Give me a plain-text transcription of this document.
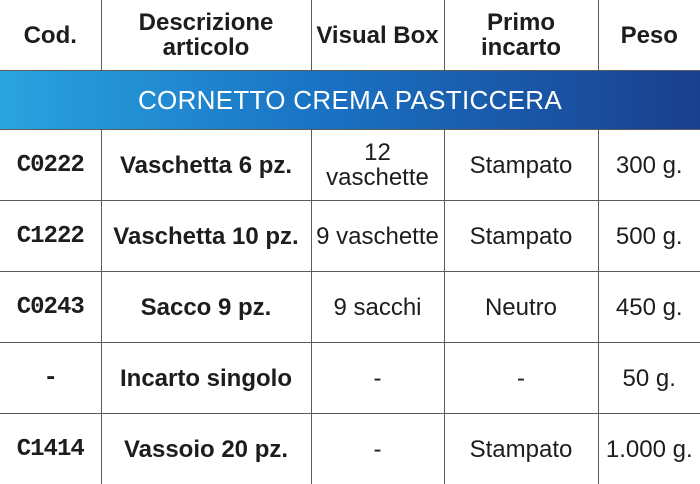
Cod.	Descrizione articolo	Visual Box	Primo incarto	Peso
CORNETTO CREMA PASTICCERA				
C0222	Vaschetta 6 pz.	12 vaschette	Stampato	300 g.
C1222	Vaschetta 10 pz.	9 vaschette	Stampato	500 g.
C0243	Sacco 9 pz.	9 sacchi	Neutro	450 g.
-	Incarto singolo	-	-	50 g.
C1414	Vassoio 20 pz.	-	Stampato	1.000 g.
